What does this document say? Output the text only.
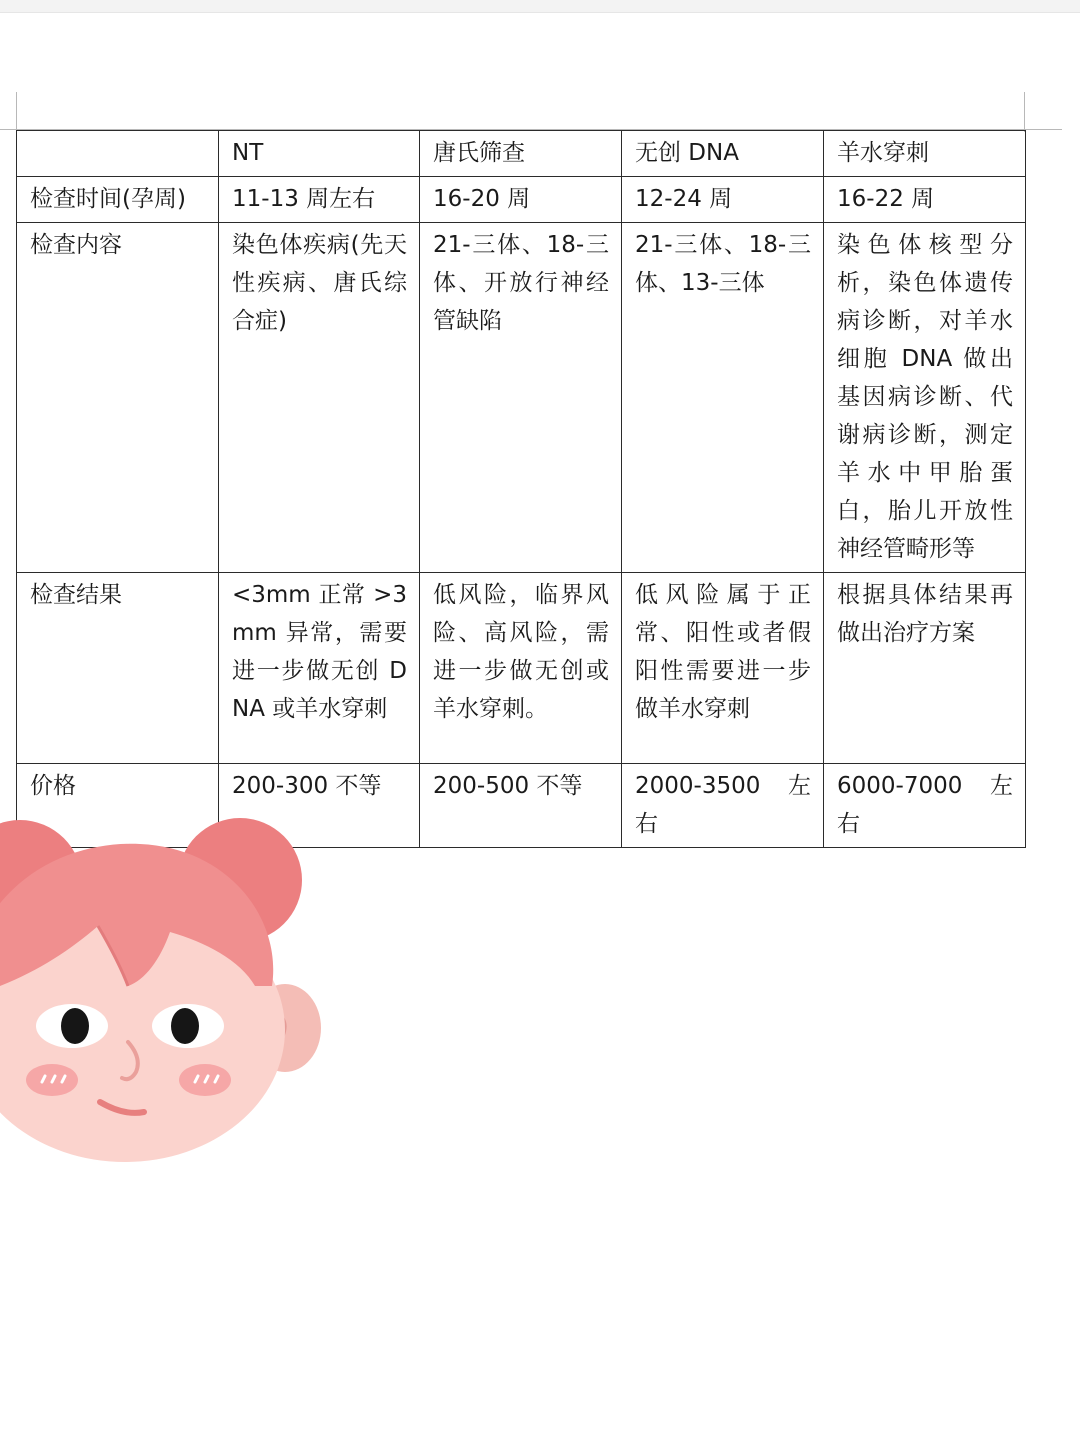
	NT	唐氏筛查	无创 DNA	羊水穿刺
检查时间(孕周)	11-13 周左右	16-20 周	12-24 周	16-22 周
检查内容	染色体疾病(先天性疾病、唐氏综合症)	21-三体、18-三体、开放行神经管缺陷	21-三体、18-三体、13-三体	染色体核型分析，染色体遗传病诊断，对羊水细胞 DNA 做出基因病诊断、代谢病诊断，测定羊水中甲胎蛋白，胎儿开放性神经管畸形等
检查结果	<3mm 正常 >3mm 异常，需要进一步做无创 DNA 或羊水穿刺	低风险，临界风险、高风险，需进一步做无创或羊水穿刺。	低风险属于正常、阳性或者假阳性需要进一步做羊水穿刺	根据具体结果再做出治疗方案
价格	200-300 不等	200-500 不等	2000-3500 左右	6000-7000 左右
